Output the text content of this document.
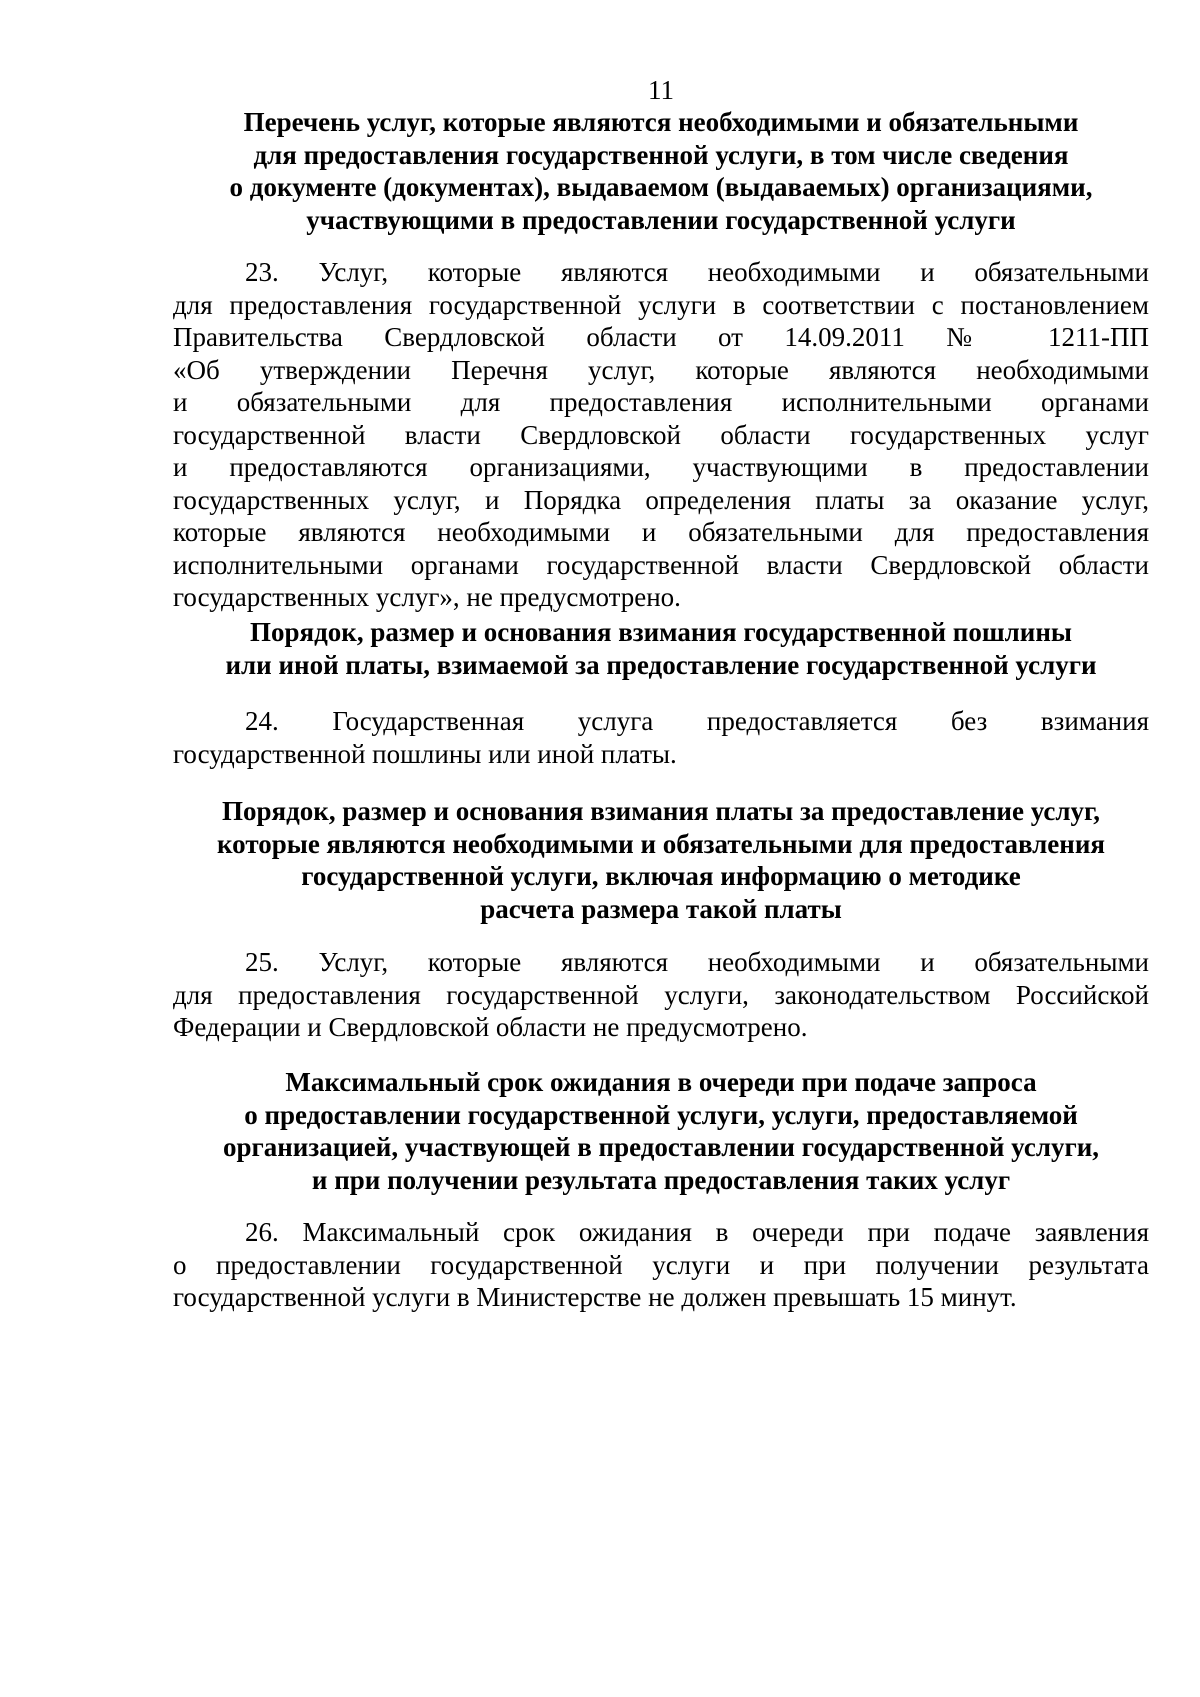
11
Перечень услуг, которые являются необходимыми и обязательными
для предоставления государственной услуги, в том числе сведения
о документе (документах), выдаваемом (выдаваемых) организациями,
участвующими в предоставлении государственной услуги
23. Услуг, которые являются необходимыми и обязательными
для предоставления государственной услуги в соответствии с постановлением
Правительства Свердловской области от 14.09.2011 № 1211-ПП
«Об утверждении Перечня услуг, которые являются необходимыми
и обязательными для предоставления исполнительными органами
государственной власти Свердловской области государственных услуг
и предоставляются организациями, участвующими в предоставлении
государственных услуг, и Порядка определения платы за оказание услуг,
которые являются необходимыми и обязательными для предоставления
исполнительными органами государственной власти Свердловской области
государственных услуг», не предусмотрено.
Порядок, размер и основания взимания государственной пошлины
или иной платы, взимаемой за предоставление государственной услуги
24. Государственная услуга предоставляется без взимания
государственной пошлины или иной платы.
Порядок, размер и основания взимания платы за предоставление услуг,
которые являются необходимыми и обязательными для предоставления
государственной услуги, включая информацию о методике
расчета размера такой платы
25. Услуг, которые являются необходимыми и обязательными
для предоставления государственной услуги, законодательством Российской
Федерации и Свердловской области не предусмотрено.
Максимальный срок ожидания в очереди при подаче запроса
о предоставлении государственной услуги, услуги, предоставляемой
организацией, участвующей в предоставлении государственной услуги,
и при получении результата предоставления таких услуг
26. Максимальный срок ожидания в очереди при подаче заявления
о предоставлении государственной услуги и при получении результата
государственной услуги в Министерстве не должен превышать 15 минут.
